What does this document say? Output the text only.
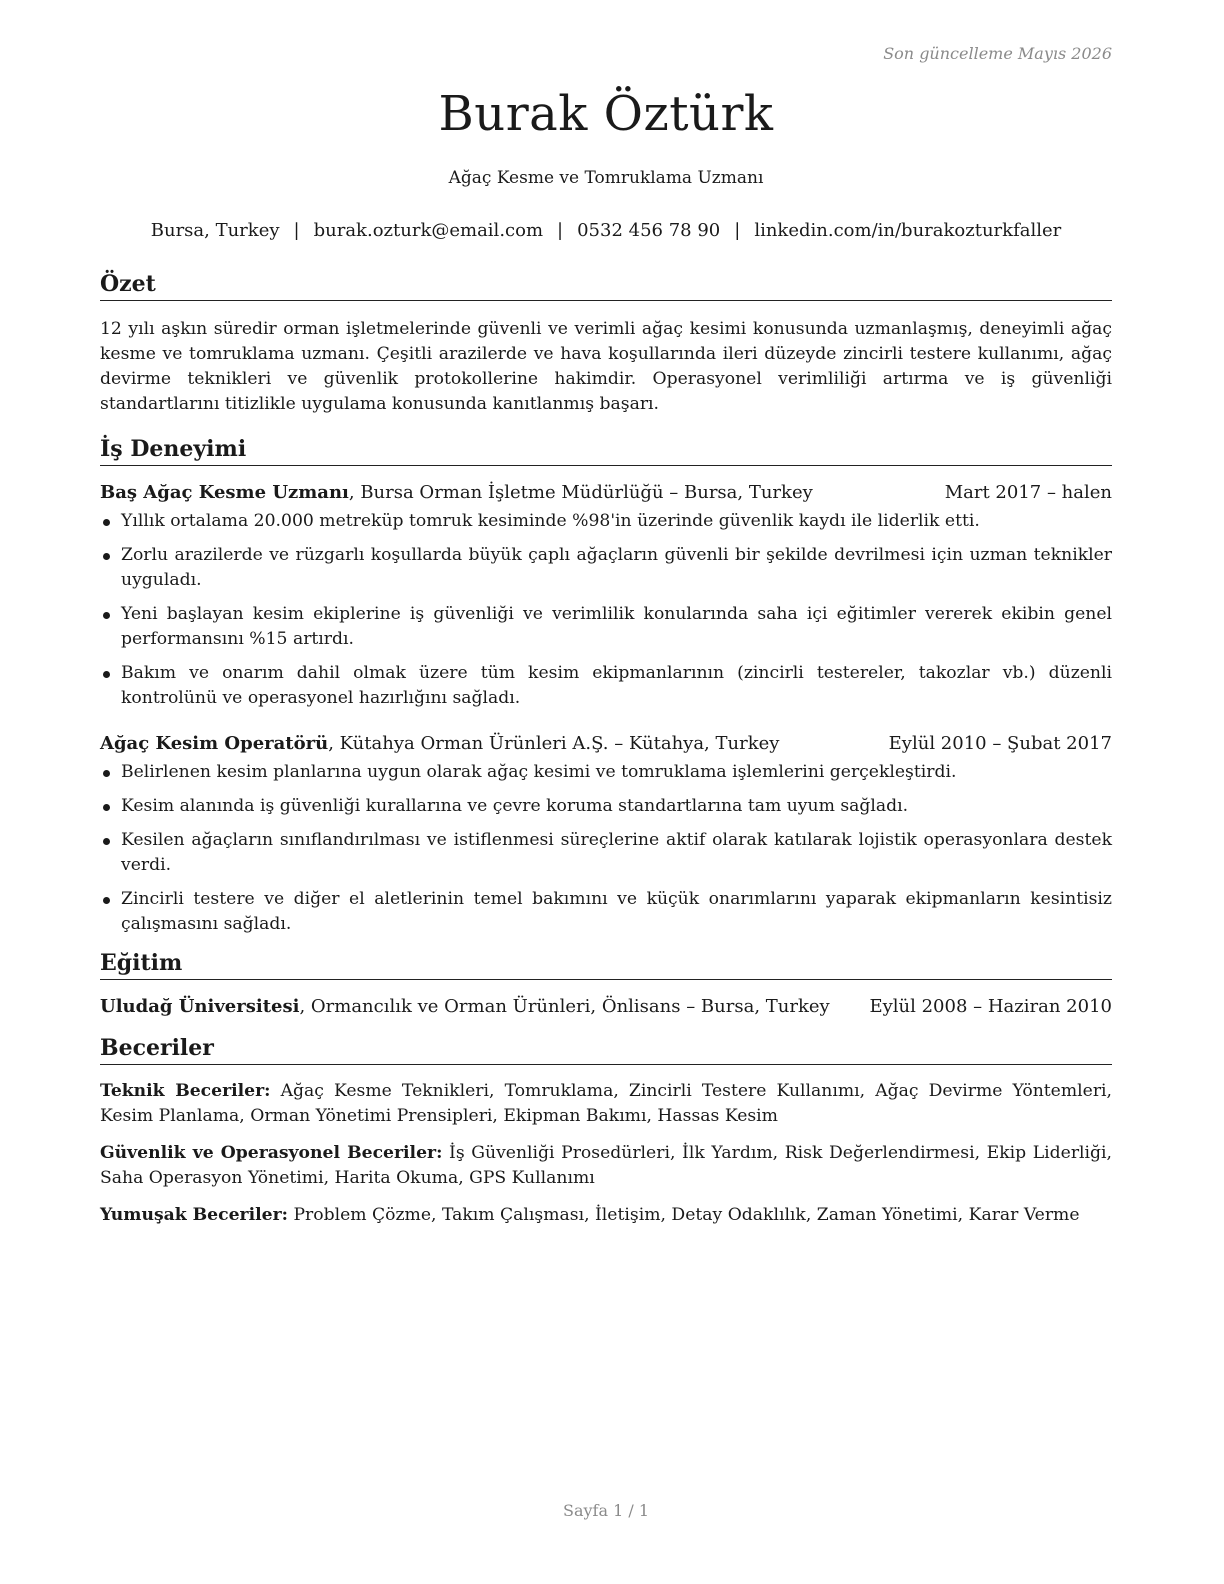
Son güncelleme Mayıs 2026
Burak Öztürk
Ağaç Kesme ve Tomruklama Uzmanı
Bursa, Turkey | burak.ozturk@email.com | 0532 456 78 90 | linkedin.com/in/burakozturkfaller
Özet
12 yılı aşkın süredir orman işletmelerinde güvenli ve verimli ağaç kesimi konusunda uzmanlaşmış, deneyimli ağaç kesme ve tomruklama uzmanı. Çeşitli arazilerde ve hava koşullarında ileri düzeyde zincirli testere kullanımı, ağaç devirme teknikleri ve güvenlik protokollerine hakimdir. Operasyonel verimliliği artırma ve iş güvenliği standartlarını titizlikle uygulama konusunda kanıtlanmış başarı.
İş Deneyimi
Baş Ağaç Kesme Uzmanı, Bursa Orman İşletme Müdürlüğü – Bursa, Turkey	Mart 2017 – halen
Yıllık ortalama 20.000 metreküp tomruk kesiminde %98'in üzerinde güvenlik kaydı ile liderlik etti.
Zorlu arazilerde ve rüzgarlı koşullarda büyük çaplı ağaçların güvenli bir şekilde devrilmesi için uzman teknikler uyguladı.
Yeni başlayan kesim ekiplerine iş güvenliği ve verimlilik konularında saha içi eğitimler vererek ekibin genel performansını %15 artırdı.
Bakım ve onarım dahil olmak üzere tüm kesim ekipmanlarının (zincirli testereler, takozlar vb.) düzenli kontrolünü ve operasyonel hazırlığını sağladı.
Ağaç Kesim Operatörü, Kütahya Orman Ürünleri A.Ş. – Kütahya, Turkey	Eylül 2010 – Şubat 2017
Belirlenen kesim planlarına uygun olarak ağaç kesimi ve tomruklama işlemlerini gerçekleştirdi.
Kesim alanında iş güvenliği kurallarına ve çevre koruma standartlarına tam uyum sağladı.
Kesilen ağaçların sınıflandırılması ve istiflenmesi süreçlerine aktif olarak katılarak lojistik operasyonlara destek verdi.
Zincirli testere ve diğer el aletlerinin temel bakımını ve küçük onarımlarını yaparak ekipmanların kesintisiz çalışmasını sağladı.
Eğitim
Uludağ Üniversitesi, Ormancılık ve Orman Ürünleri, Önlisans – Bursa, Turkey Eylül 2008 – Haziran 2010
Beceriler
Teknik Beceriler: Ağaç Kesme Teknikleri, Tomruklama, Zincirli Testere Kullanımı, Ağaç Devirme Yöntemleri, Kesim Planlama, Orman Yönetimi Prensipleri, Ekipman Bakımı, Hassas Kesim
Güvenlik ve Operasyonel Beceriler: İş Güvenliği Prosedürleri, İlk Yardım, Risk Değerlendirmesi, Ekip Liderliği, Saha Operasyon Yönetimi, Harita Okuma, GPS Kullanımı
Yumuşak Beceriler: Problem Çözme, Takım Çalışması, İletişim, Detay Odaklılık, Zaman Yönetimi, Karar Verme
Sayfa 1 / 1
